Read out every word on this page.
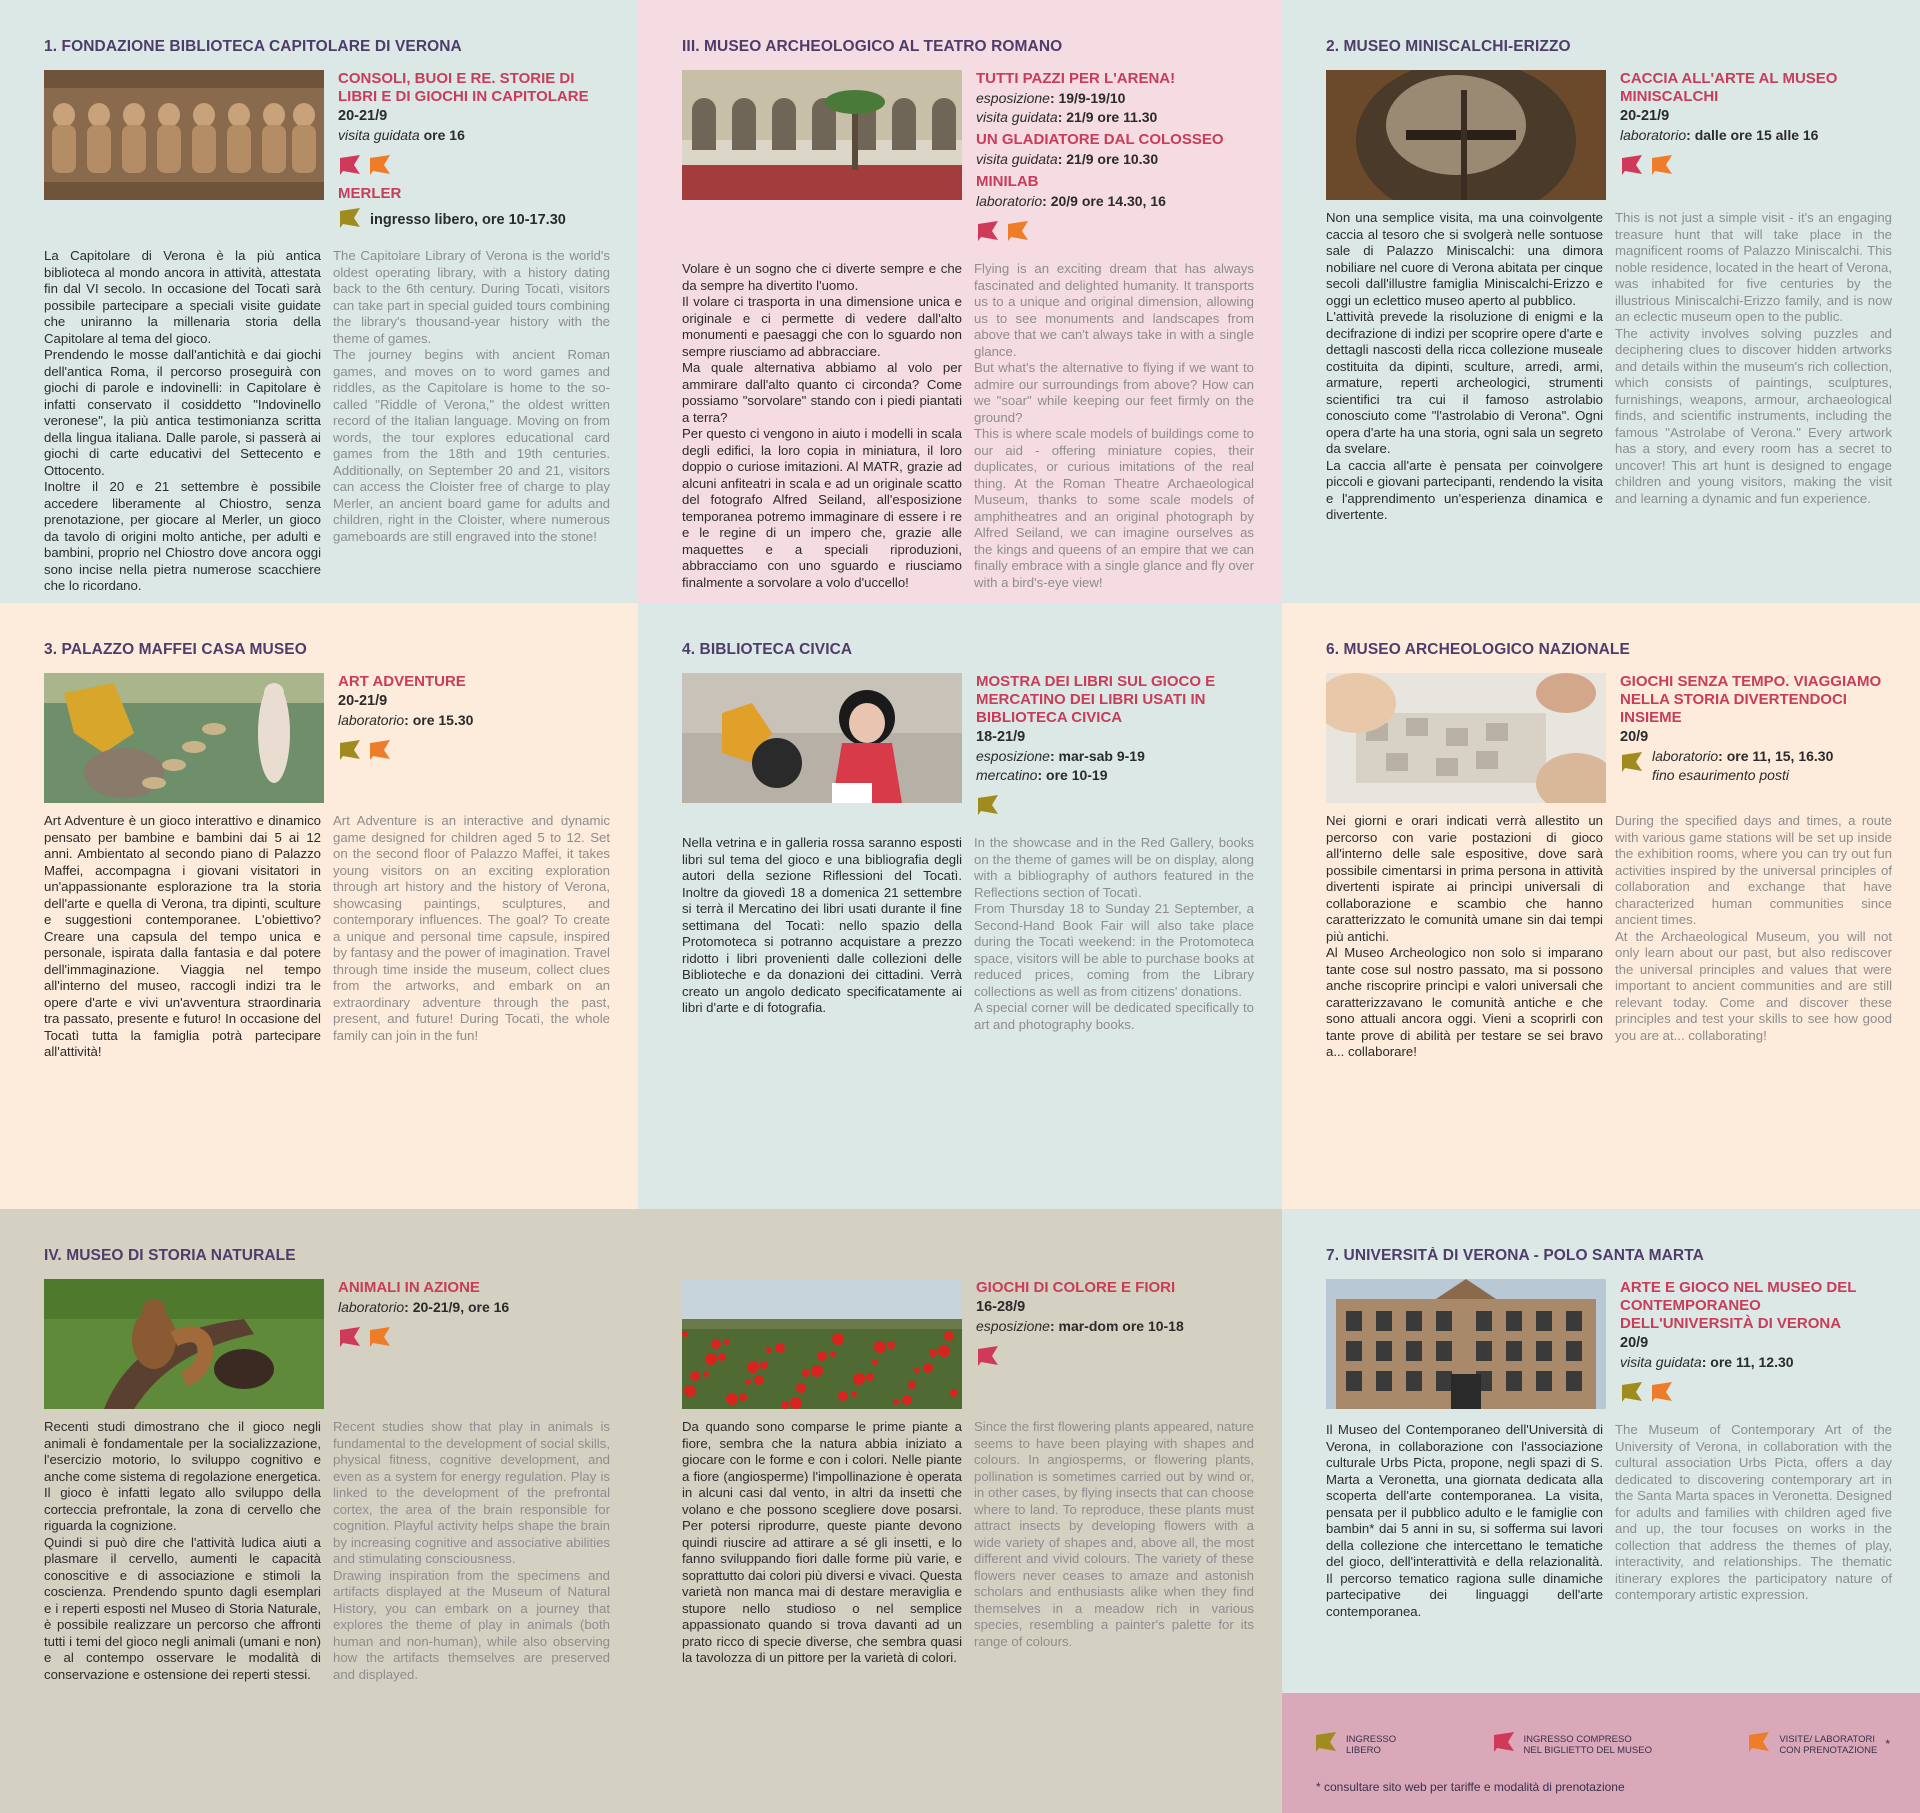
1. FONDAZIONE BIBLIOTECA CAPITOLARE DI VERONA
CONSOLI, BUOI E RE. STORIE DI LIBRI E DI GIOCHI IN CAPITOLARE
20-21/9
visita guidata ore 16
MERLER
ingresso libero, ore 10-17.30

La Capitolare di Verona è la più antica biblioteca al mondo ancora in attività, attestata fin dal VI secolo. In occasione del Tocatì sarà possibile partecipare a speciali visite guidate che uniranno la millenaria storia della Capitolare al tema del gioco.

Prendendo le mosse dall'antichità e dai giochi dell'antica Roma, il percorso proseguirà con giochi di parole e indovinelli: in Capitolare è infatti conservato il cosiddetto "Indovinello veronese", la più antica testimonianza scritta della lingua italiana. Dalle parole, si passerà ai giochi di carte educativi del Settecento e Ottocento.

Inoltre il 20 e 21 settembre è possibile accedere liberamente al Chiostro, senza prenotazione, per giocare al Merler, un gioco da tavolo di origini molto antiche, per adulti e bambini, proprio nel Chiostro dove ancora oggi sono incise nella pietra numerose scacchiere che lo ricordano.

The Capitolare Library of Verona is the world's oldest operating library, with a history dating back to the 6th century. During Tocatì, visitors can take part in special guided tours combining the library's thousand-year history with the theme of games.

The journey begins with ancient Roman games, and moves on to word games and riddles, as the Capitolare is home to the so-called "Riddle of Verona," the oldest written record of the Italian language. Moving on from words, the tour explores educational card games from the 18th and 19th centuries. Additionally, on September 20 and 21, visitors can access the Cloister free of charge to play Merler, an ancient board game for adults and children, right in the Cloister, where numerous gameboards are still engraved into the stone!

III. MUSEO ARCHEOLOGICO AL TEATRO ROMANO
TUTTI PAZZI PER L'ARENA!
esposizione: 19/9-19/10
visita guidata: 21/9 ore 11.30
UN GLADIATORE DAL COLOSSEO
visita guidata: 21/9 ore 10.30
MINILAB
laboratorio: 20/9 ore 14.30, 16

Volare è un sogno che ci diverte sempre e che da sempre ha divertito l'uomo.

Il volare ci trasporta in una dimensione unica e originale e ci permette di vedere dall'alto monumenti e paesaggi che con lo sguardo non sempre riusciamo ad abbracciare.

Ma quale alternativa abbiamo al volo per ammirare dall'alto quanto ci circonda? Come possiamo "sorvolare" stando con i piedi piantati a terra?

Per questo ci vengono in aiuto i modelli in scala degli edifici, la loro copia in miniatura, il loro doppio o curiose imitazioni. Al MATR, grazie ad alcuni anfiteatri in scala e ad un originale scatto del fotografo Alfred Seiland, all'esposizione temporanea potremo immaginare di essere i re e le regine di un impero che, grazie alle maquettes e a speciali riproduzioni, abbracciamo con uno sguardo e riusciamo finalmente a sorvolare a volo d'uccello!

Flying is an exciting dream that has always fascinated and delighted humanity. It transports us to a unique and original dimension, allowing us to see monuments and landscapes from above that we can't always take in with a single glance.

But what's the alternative to flying if we want to admire our surroundings from above? How can we "soar" while keeping our feet firmly on the ground?

This is where scale models of buildings come to our aid - offering miniature copies, their duplicates, or curious imitations of the real thing. At the Roman Theatre Archaeological Museum, thanks to some scale models of amphitheatres and an original photograph by Alfred Seiland, we can imagine ourselves as the kings and queens of an empire that we can finally embrace with a single glance and fly over with a bird's-eye view!

2. MUSEO MINISCALCHI-ERIZZO
CACCIA ALL'ARTE AL MUSEO MINISCALCHI
20-21/9
laboratorio: dalle ore 15 alle 16

Non una semplice visita, ma una coinvolgente caccia al tesoro che si svolgerà nelle sontuose sale di Palazzo Miniscalchi: una dimora nobiliare nel cuore di Verona abitata per cinque secoli dall'illustre famiglia Miniscalchi-Erizzo e oggi un eclettico museo aperto al pubblico.

L'attività prevede la risoluzione di enigmi e la decifrazione di indizi per scoprire opere d'arte e dettagli nascosti della ricca collezione museale costituita da dipinti, sculture, arredi, armi, armature, reperti archeologici, strumenti scientifici tra cui il famoso astrolabio conosciuto come "l'astrolabio di Verona". Ogni opera d'arte ha una storia, ogni sala un segreto da svelare.

La caccia all'arte è pensata per coinvolgere piccoli e giovani partecipanti, rendendo la visita e l'apprendimento un'esperienza dinamica e divertente.

This is not just a simple visit - it's an engaging treasure hunt that will take place in the magnificent rooms of Palazzo Miniscalchi. This noble residence, located in the heart of Verona, was inhabited for five centuries by the illustrious Miniscalchi-Erizzo family, and is now an eclectic museum open to the public.

The activity involves solving puzzles and deciphering clues to discover hidden artworks and details within the museum's rich collection, which consists of paintings, sculptures, furnishings, weapons, armour, archaeological finds, and scientific instruments, including the famous "Astrolabe of Verona." Every artwork has a story, and every room has a secret to uncover! This art hunt is designed to engage children and young visitors, making the visit and learning a dynamic and fun experience.

3. PALAZZO MAFFEI CASA MUSEO
ART ADVENTURE
20-21/9
laboratorio: ore 15.30

Art Adventure è un gioco interattivo e dinamico pensato per bambine e bambini dai 5 ai 12 anni. Ambientato al secondo piano di Palazzo Maffei, accompagna i giovani visitatori in un'appassionante esplorazione tra la storia dell'arte e quella di Verona, tra dipinti, sculture e suggestioni contemporanee. L'obiettivo? Creare una capsula del tempo unica e personale, ispirata dalla fantasia e dal potere dell'immaginazione. Viaggia nel tempo all'interno del museo, raccogli indizi tra le opere d'arte e vivi un'avventura straordinaria tra passato, presente e futuro! In occasione del Tocatì tutta la famiglia potrà partecipare all'attività!

Art Adventure is an interactive and dynamic game designed for children aged 5 to 12. Set on the second floor of Palazzo Maffei, it takes young visitors on an exciting exploration through art history and the history of Verona, showcasing paintings, sculptures, and contemporary influences. The goal? To create a unique and personal time capsule, inspired by fantasy and the power of imagination. Travel through time inside the museum, collect clues from the artworks, and embark on an extraordinary adventure through the past, present, and future! During Tocatì, the whole family can join in the fun!

4. BIBLIOTECA CIVICA
MOSTRA DEI LIBRI SUL GIOCO E MERCATINO DEI LIBRI USATI IN BIBLIOTECA CIVICA
18-21/9
esposizione: mar-sab 9-19
mercatino: ore 10-19

Nella vetrina e in galleria rossa saranno esposti libri sul tema del gioco e una bibliografia degli autori della sezione Riflessioni del Tocatì. Inoltre da giovedì 18 a domenica 21 settembre si terrà il Mercatino dei libri usati durante il fine settimana del Tocatì: nello spazio della Protomoteca si potranno acquistare a prezzo ridotto i libri provenienti dalle collezioni delle Biblioteche e da donazioni dei cittadini. Verrà creato un angolo dedicato specificatamente ai libri d'arte e di fotografia.

In the showcase and in the Red Gallery, books on the theme of games will be on display, along with a bibliography of authors featured in the Reflections section of Tocatì.

From Thursday 18 to Sunday 21 September, a Second-Hand Book Fair will also take place during the Tocatì weekend: in the Protomoteca space, visitors will be able to purchase books at reduced prices, coming from the Library collections as well as from citizens' donations.

A special corner will be dedicated specifically to art and photography books.

6. MUSEO ARCHEOLOGICO NAZIONALE
GIOCHI SENZA TEMPO. VIAGGIAMO NELLA STORIA DIVERTENDOCI INSIEME
20/9
laboratorio: ore 11, 15, 16.30
fino esaurimento posti

Nei giorni e orari indicati verrà allestito un percorso con varie postazioni di gioco all'interno delle sale espositive, dove sarà possibile cimentarsi in prima persona in attività divertenti ispirate ai princìpi universali di collaborazione e scambio che hanno caratterizzato le comunità umane sin dai tempi più antichi.

Al Museo Archeologico non solo si imparano tante cose sul nostro passato, ma si possono anche riscoprire princìpi e valori universali che caratterizzavano le comunità antiche e che sono attuali ancora oggi. Vieni a scoprirli con tante prove di abilità per testare se sei bravo a... collaborare!

During the specified days and times, a route with various game stations will be set up inside the exhibition rooms, where you can try out fun activities inspired by the universal principles of collaboration and exchange that have characterized human communities since ancient times.

At the Archaeological Museum, you will not only learn about our past, but also rediscover the universal principles and values that were important to ancient communities and are still relevant today. Come and discover these principles and test your skills to see how good you are at... collaborating!

IV. MUSEO DI STORIA NATURALE
ANIMALI IN AZIONE
laboratorio: 20-21/9, ore 16

Recenti studi dimostrano che il gioco negli animali è fondamentale per la socializzazione, l'esercizio motorio, lo sviluppo cognitivo e anche come sistema di regolazione energetica. Il gioco è infatti legato allo sviluppo della corteccia prefrontale, la zona di cervello che riguarda la cognizione.

Quindi si può dire che l'attività ludica aiuti a plasmare il cervello, aumenti le capacità conoscitive e di associazione e stimoli la coscienza. Prendendo spunto dagli esemplari e i reperti esposti nel Museo di Storia Naturale, è possibile realizzare un percorso che affronti tutti i temi del gioco negli animali (umani e non) e al contempo osservare le modalità di conservazione e ostensione dei reperti stessi.

Recent studies show that play in animals is fundamental to the development of social skills, physical fitness, cognitive development, and even as a system for energy regulation. Play is linked to the development of the prefrontal cortex, the area of the brain responsible for cognition. Playful activity helps shape the brain by increasing cognitive and associative abilities and stimulating consciousness.

Drawing inspiration from the specimens and artifacts displayed at the Museum of Natural History, you can embark on a journey that explores the theme of play in animals (both human and non-human), while also observing how the artifacts themselves are preserved and displayed.

GIOCHI DI COLORE E FIORI
16-28/9
esposizione: mar-dom ore 10-18

Da quando sono comparse le prime piante a fiore, sembra che la natura abbia iniziato a giocare con le forme e con i colori. Nelle piante a fiore (angiosperme) l'impollinazione è operata in alcuni casi dal vento, in altri da insetti che volano e che possono scegliere dove posarsi. Per potersi riprodurre, queste piante devono quindi riuscire ad attirare a sé gli insetti, e lo fanno sviluppando fiori dalle forme più varie, e soprattutto dai colori più diversi e vivaci. Questa varietà non manca mai di destare meraviglia e stupore nello studioso o nel semplice appassionato quando si trova davanti ad un prato ricco di specie diverse, che sembra quasi la tavolozza di un pittore per la varietà di colori.

Since the first flowering plants appeared, nature seems to have been playing with shapes and colours. In angiosperms, or flowering plants, pollination is sometimes carried out by wind or, in other cases, by flying insects that can choose where to land. To reproduce, these plants must attract insects by developing flowers with a wide variety of shapes and, above all, the most different and vivid colours. The variety of these flowers never ceases to amaze and astonish scholars and enthusiasts alike when they find themselves in a meadow rich in various species, resembling a painter's palette for its range of colours.

7. UNIVERSITÀ DI VERONA - POLO SANTA MARTA
ARTE E GIOCO NEL MUSEO DEL CONTEMPORANEO DELL'UNIVERSITÀ DI VERONA
20/9
visita guidata: ore 11, 12.30

Il Museo del Contemporaneo dell'Università di Verona, in collaborazione con l'associazione culturale Urbs Picta, propone, negli spazi di S. Marta a Veronetta, una giornata dedicata alla scoperta dell'arte contemporanea. La visita, pensata per il pubblico adulto e le famiglie con bambin* dai 5 anni in su, si sofferma sui lavori della collezione che intercettano le tematiche del gioco, dell'interattività e della relazionalità. Il percorso tematico ragiona sulle dinamiche partecipative dei linguaggi dell'arte contemporanea.

The Museum of Contemporary Art of the University of Verona, in collaboration with the cultural association Urbs Picta, offers a day dedicated to discovering contemporary art in the Santa Marta spaces in Veronetta. Designed for adults and families with children aged five and up, the tour focuses on works in the collection that address the themes of play, interactivity, and relationships. The thematic itinerary explores the participatory nature of contemporary artistic expression.

INGRESSO
LIBERO
INGRESSO COMPRESO
NEL BIGLIETTO DEL MUSEO
VISITE/ LABORATORI
CON PRENOTAZIONE *
* consultare sito web per tariffe e modalità di prenotazione
